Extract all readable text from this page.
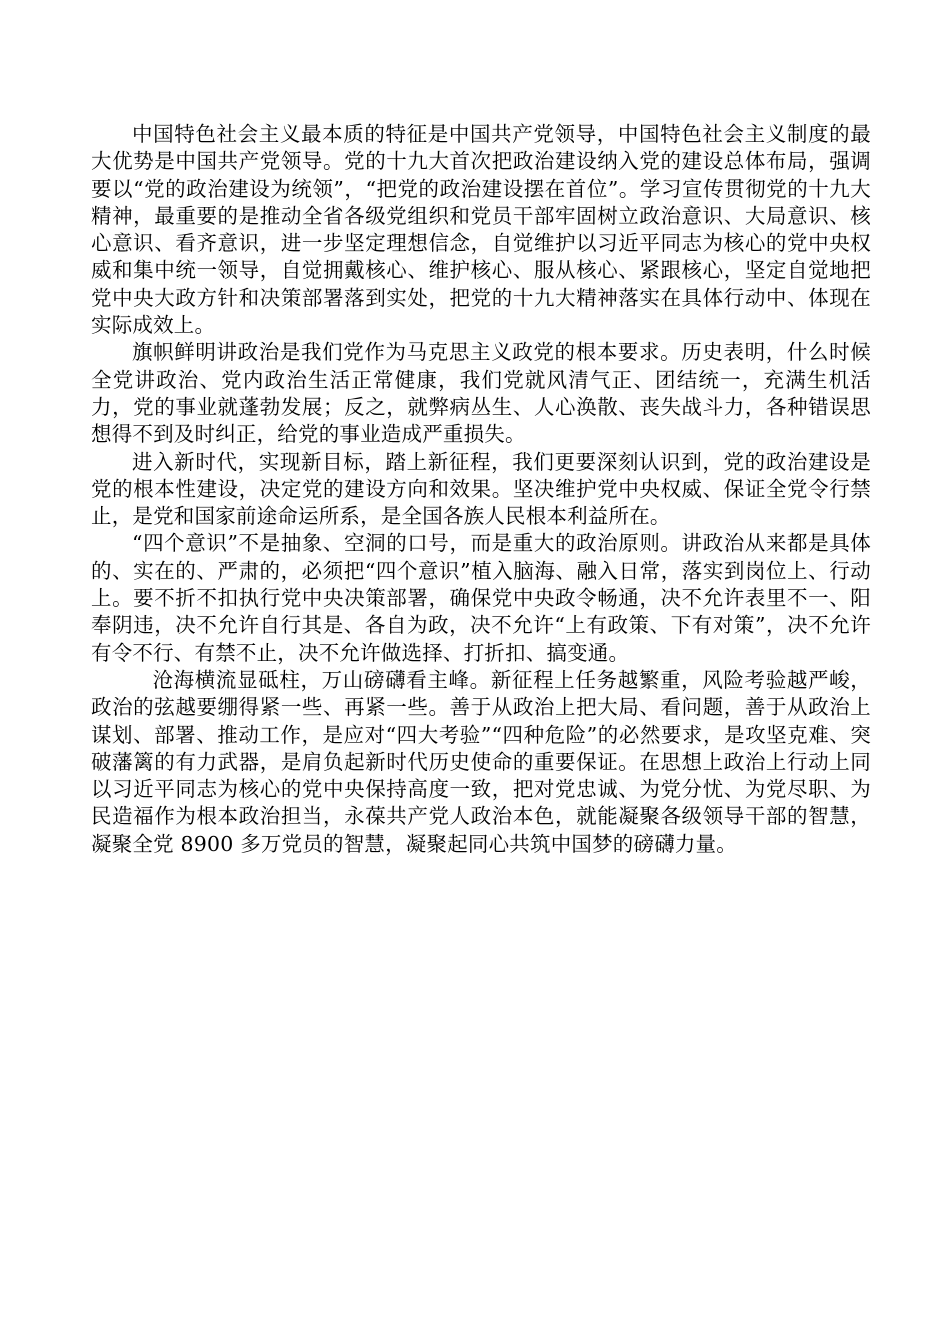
中国特色社会主义最本质的特征是中国共产党领导，中国特色社会主义制度的最大优势是中国共产党领导。党的十九大首次把政治建设纳入党的建设总体布局，强调要以“党的政治建设为统领”，“把党的政治建设摆在首位”。学习宣传贯彻党的十九大精神，最重要的是推动全省各级党组织和党员干部牢固树立政治意识、大局意识、核心意识、看齐意识，进一步坚定理想信念，自觉维护以习近平同志为核心的党中央权威和集中统一领导，自觉拥戴核心、维护核心、服从核心、紧跟核心，坚定自觉地把党中央大政方针和决策部署落到实处，把党的十九大精神落实在具体行动中、体现在实际成效上。

旗帜鲜明讲政治是我们党作为马克思主义政党的根本要求。历史表明，什么时候全党讲政治、党内政治生活正常健康，我们党就风清气正、团结统一，充满生机活力，党的事业就蓬勃发展；反之，就弊病丛生、人心涣散、丧失战斗力，各种错误思想得不到及时纠正，给党的事业造成严重损失。

进入新时代，实现新目标，踏上新征程，我们更要深刻认识到，党的政治建设是党的根本性建设，决定党的建设方向和效果。坚决维护党中央权威、保证全党令行禁止，是党和国家前途命运所系，是全国各族人民根本利益所在。

“四个意识”不是抽象、空洞的口号，而是重大的政治原则。讲政治从来都是具体的、实在的、严肃的，必须把“四个意识”植入脑海、融入日常，落实到岗位上、行动上。要不折不扣执行党中央决策部署，确保党中央政令畅通，决不允许表里不一、阳奉阴违，决不允许自行其是、各自为政，决不允许“上有政策、下有对策”，决不允许有令不行、有禁不止，决不允许做选择、打折扣、搞变通。

沧海横流显砥柱，万山磅礴看主峰。新征程上任务越繁重，风险考验越严峻，政治的弦越要绷得紧一些、再紧一些。善于从政治上把大局、看问题，善于从政治上谋划、部署、推动工作，是应对“四大考验”“四种危险”的必然要求，是攻坚克难、突破藩篱的有力武器，是肩负起新时代历史使命的重要保证。在思想上政治上行动上同以习近平同志为核心的党中央保持高度一致，把对党忠诚、为党分忧、为党尽职、为民造福作为根本政治担当，永葆共产党人政治本色，就能凝聚各级领导干部的智慧，凝聚全党 8900 多万党员的智慧，凝聚起同心共筑中国梦的磅礴力量。
